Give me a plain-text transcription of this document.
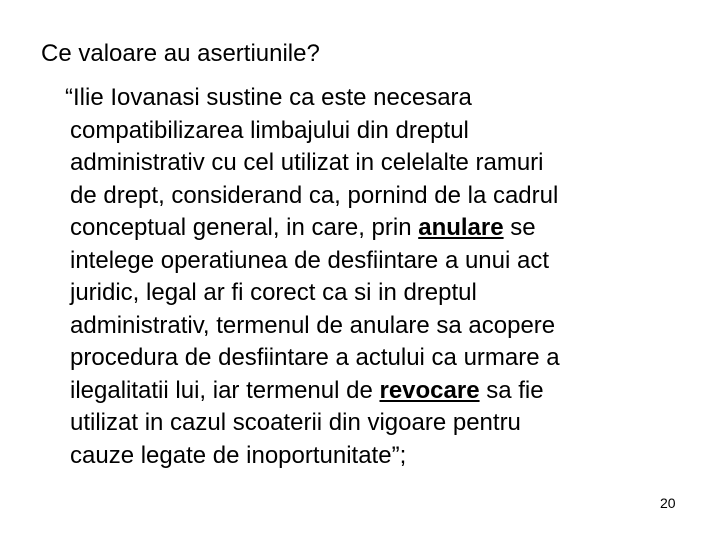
Ce valoare au asertiunile?
“Ilie Iovanasi sustine ca este necesara
compatibilizarea limbajului din dreptul
administrativ cu cel utilizat in celelalte ramuri
de drept, considerand ca, pornind de la cadrul
conceptual general, in care, prin anulare se
intelege operatiunea de desfiintare a unui act
juridic, legal ar fi corect ca si in dreptul
administrativ, termenul de anulare sa acopere
procedura de desfiintare a actului ca urmare a
ilegalitatii lui, iar termenul de revocare sa fie
utilizat in cazul scoaterii din vigoare pentru
cauze legate de inoportunitate”;
20
